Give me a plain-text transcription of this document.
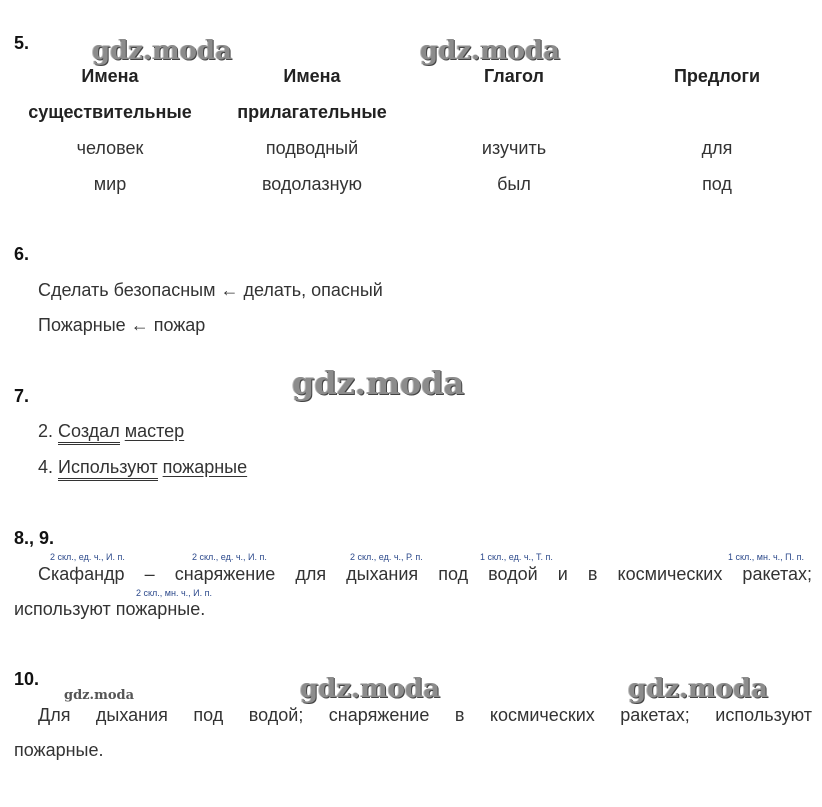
gdz.moda	gdz.moda
gdz.moda
gdz.moda	gdz.moda	gdz.moda
5.
Имена	Имена	Глагол	Предлоги
существительные	прилагательные
человек	подводный	изучить	для
мир	водолазную	был	под
6.
Сделать безопасным ← делать, опасный
Пожарные ← пожар
7.
2. Создал мастер
4. Используют пожарные
8., 9.
2 скл., ед. ч., И. п.	2 скл., ед. ч., И. п.	2 скл., ед. ч., Р. п.	1 скл., ед. ч., Т. п.	1 скл., мн. ч., П. п.
Скафандр – снаряжение для дыхания под водой и в космических ракетах;
2 скл., мн. ч., И. п.
используют пожарные.
10.
Для дыхания под водой; снаряжение в космических ракетах; используют
пожарные.
